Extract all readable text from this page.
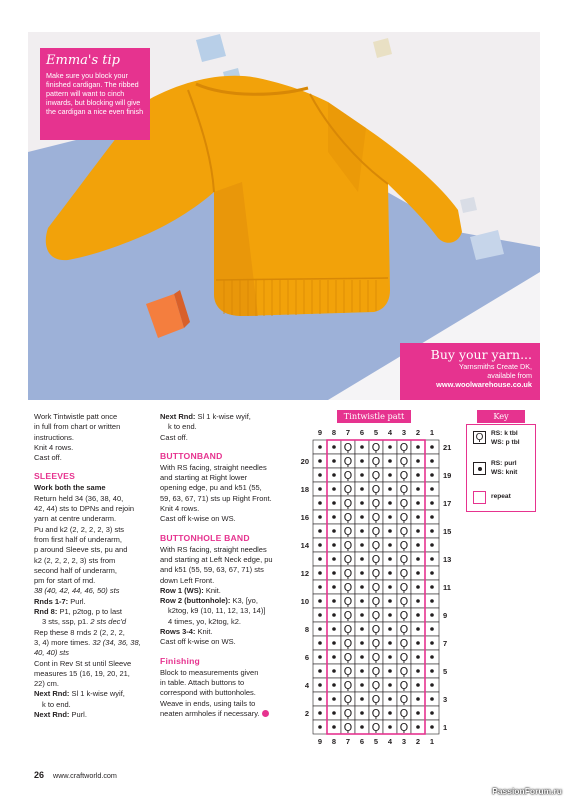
Emma's tip
Make sure you block your finished cardigan. The ribbed pattern will want to cinch inwards, but blocking will give the cardigan a nice even finish
Buy your yarn...
Yarnsmiths Create DK,
available from
www.woolwarehouse.co.uk

Work Tintwistle patt once

in full from chart or written

instructions.

Knit 4 rows.

Cast off.

SLEEVES

Work both the same

Return held 34 (36, 38, 40,

42, 44) sts to DPNs and rejoin

yarn at centre underarm.

Pu and k2 (2, 2, 2, 2, 3) sts

from first half of underarm,

p around Sleeve sts, pu and

k2 (2, 2, 2, 2, 3) sts from

second half of underarm,

pm for start of rnd.

38 (40, 42, 44, 46, 50) sts

Rnds 1-7: Purl.

Rnd 8: P1, p2tog, p to last

3 sts, ssp, p1. 2 sts dec'd

Rep these 8 rnds 2 (2, 2, 2,

3, 4) more times. 32 (34, 36, 38, 40, 40) sts

Cont in Rev St st until Sleeve

measures 15 (16, 19, 20, 21,

22) cm.

Next Rnd: Sl 1 k-wise wyif,

k to end.

Next Rnd: Purl.

Next Rnd: Sl 1 k-wise wyif,

k to end.

Cast off.

BUTTONBAND

With RS facing, straight needles

and starting at Right lower

opening edge, pu and k51 (55,

59, 63, 67, 71) sts up Right Front.

Knit 4 rows.

Cast off k-wise on WS.

BUTTONHOLE BAND

With RS facing, straight needles

and starting at Left Neck edge, pu

and k51 (55, 59, 63, 67, 71) sts

down Left Front.

Row 1 (WS): Knit.

Row 2 (buttonhole): K3, [yo,

k2tog, k9 (10, 11, 12, 13, 14)]

4 times, yo, k2tog, k2.

Rows 3-4: Knit.

Cast off k-wise on WS.

Finishing

Block to measurements given

in table. Attach buttons to

correspond with buttonholes.

Weave in ends, using tails to

neaten armholes if necessary.

Tintwistle patt
9
9
8
8
7
7
6
6
5
5
4
4
3
3
2
2
1
1
Ϙ Ϙ Ϙ
Ϙ Ϙ Ϙ
Ϙ Ϙ Ϙ
Ϙ Ϙ Ϙ
Ϙ Ϙ Ϙ
Ϙ Ϙ Ϙ
Ϙ Ϙ Ϙ
Ϙ Ϙ Ϙ
Ϙ Ϙ Ϙ
Ϙ Ϙ Ϙ
Ϙ Ϙ Ϙ
Ϙ Ϙ Ϙ
Ϙ Ϙ Ϙ
Ϙ Ϙ Ϙ
Ϙ Ϙ Ϙ
Ϙ Ϙ Ϙ
Ϙ Ϙ Ϙ
Ϙ Ϙ Ϙ
Ϙ Ϙ Ϙ
Ϙ Ϙ Ϙ
Ϙ Ϙ Ϙ
21
19
17
15
13
11
9
7
5
3
1
20
18
16
14
12
10
8
6
4
2
Key
Ϙ	RS: k tbl
WS: p tbl
RS: purl
WS: knit
repeat
26 www.craftworld.com
PassionForum.ru
